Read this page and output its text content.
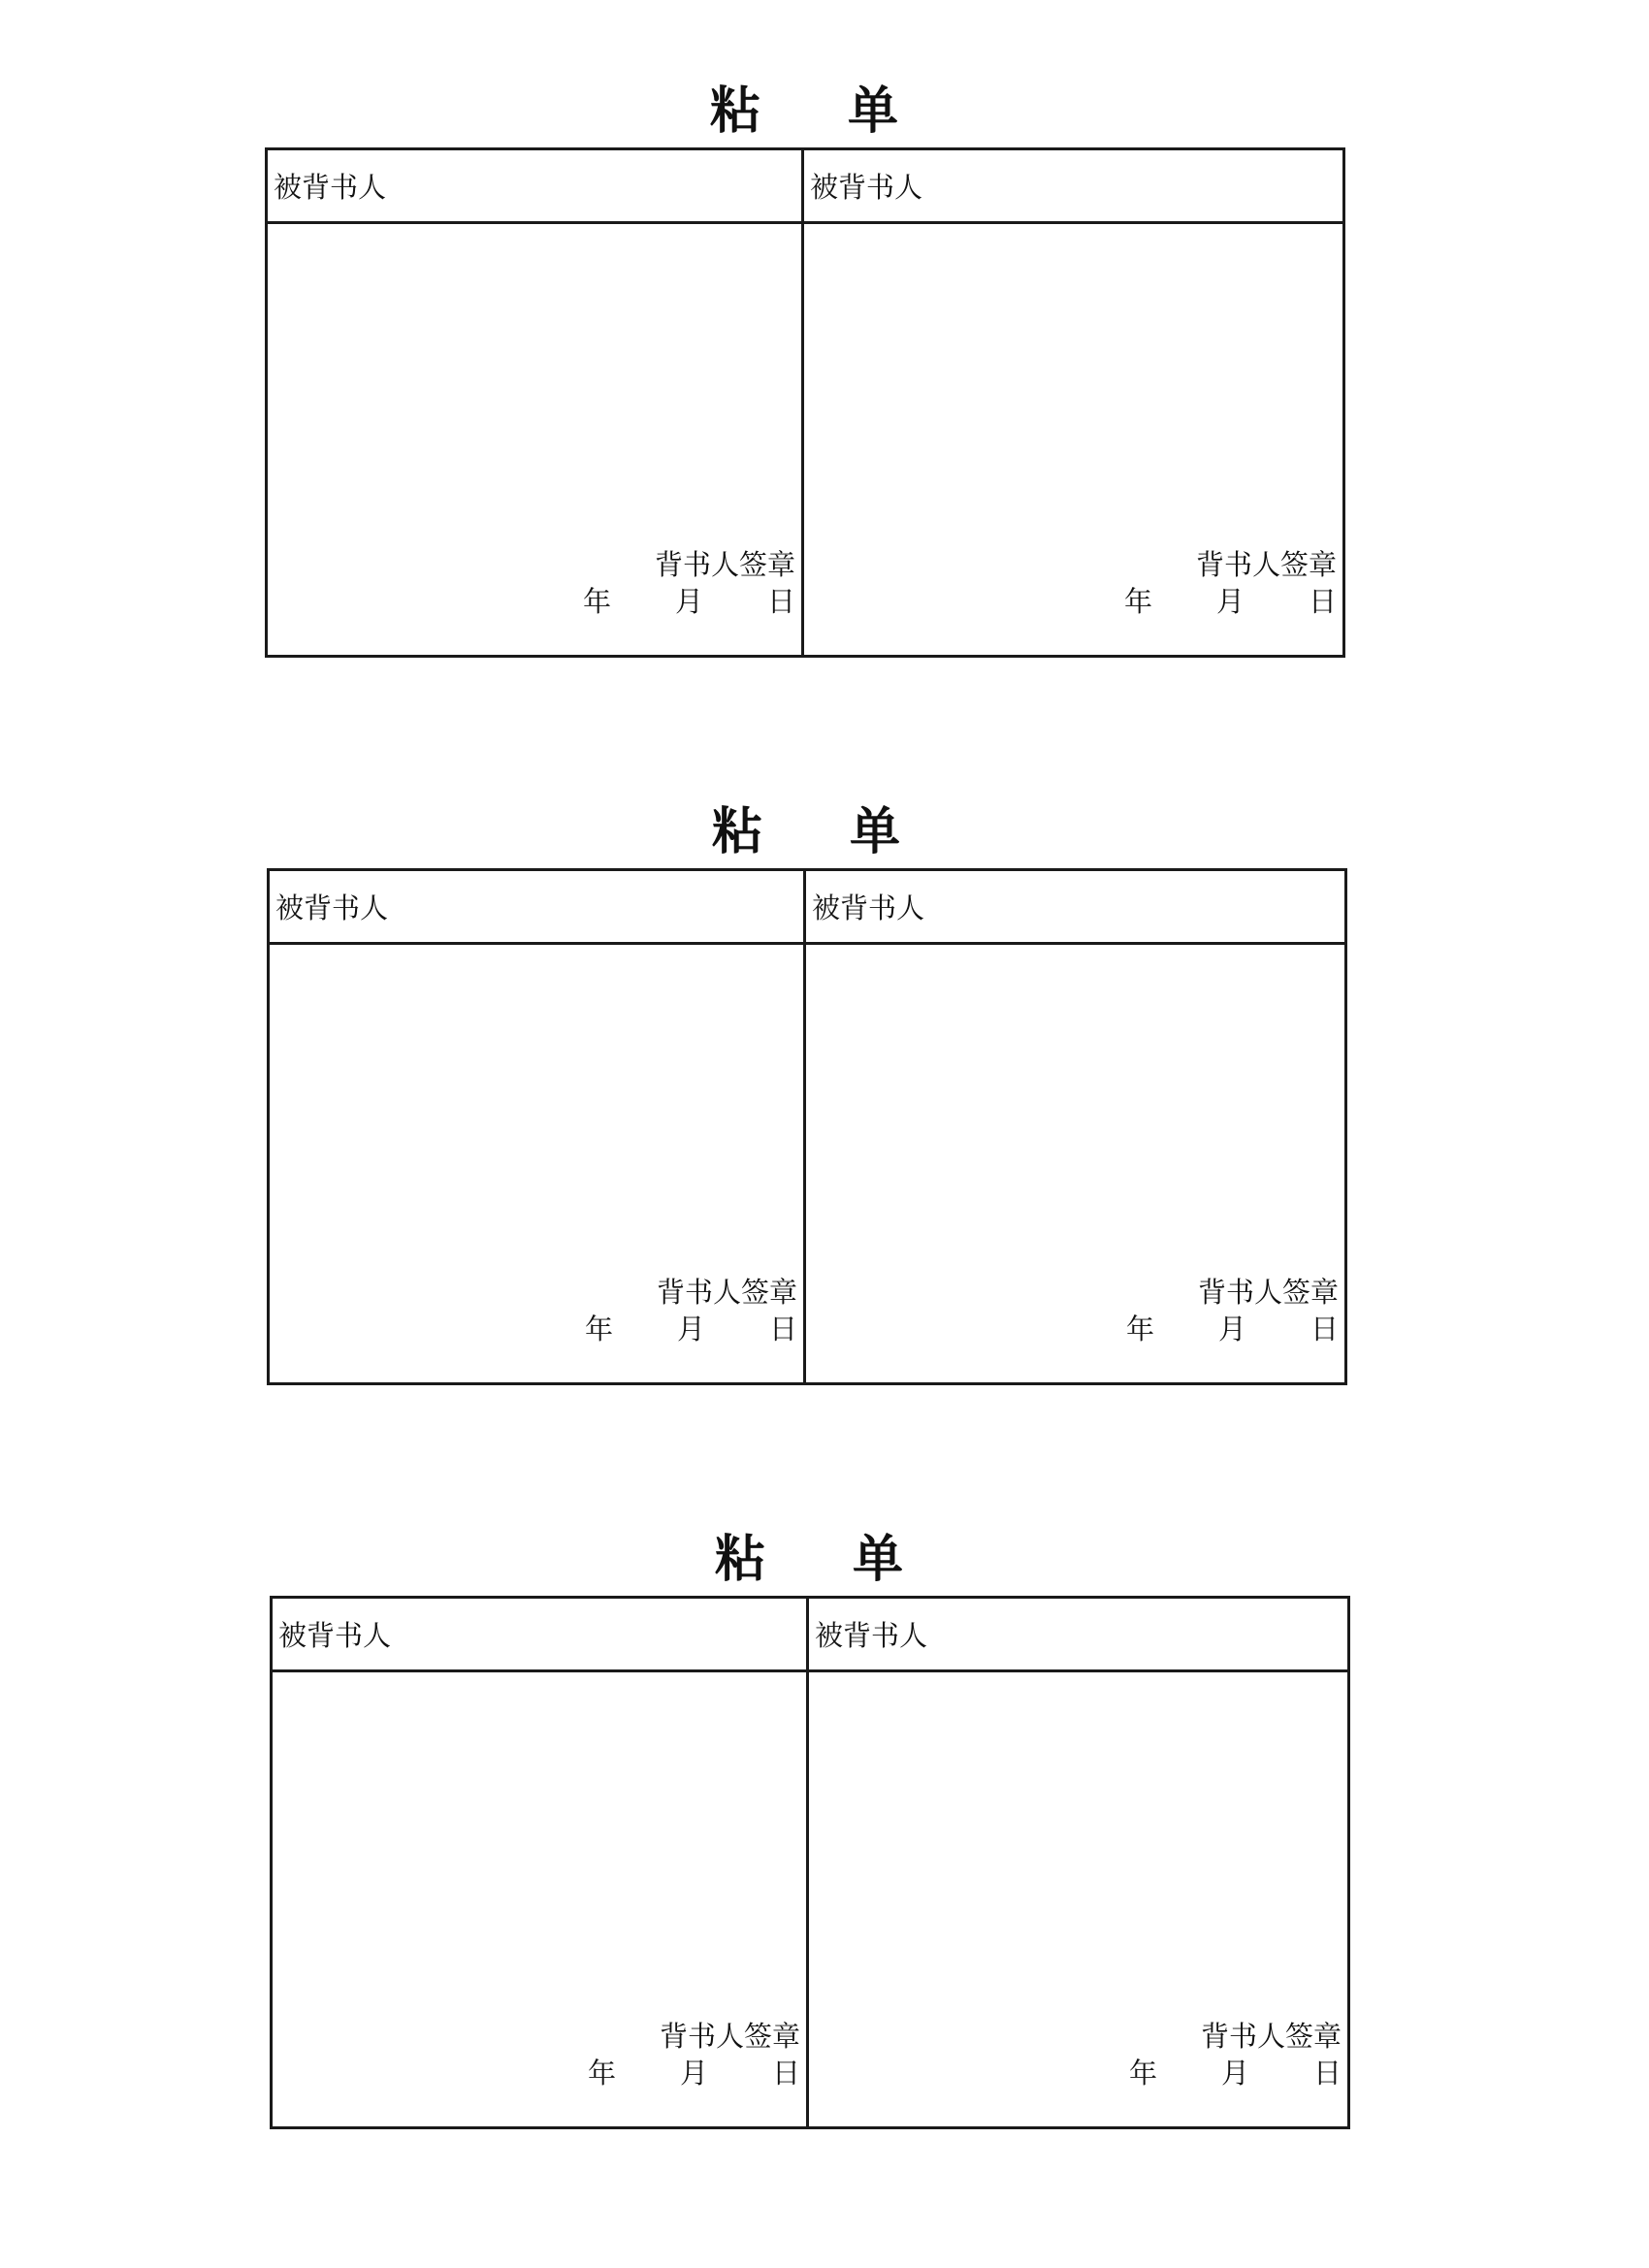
粘 单
被背书人
背书人签章
年 月 日
被背书人
背书人签章
年 月 日
粘 单
被背书人
背书人签章
年 月 日
被背书人
背书人签章
年 月 日
粘 单
被背书人
背书人签章
年 月 日
被背书人
背书人签章
年 月 日
